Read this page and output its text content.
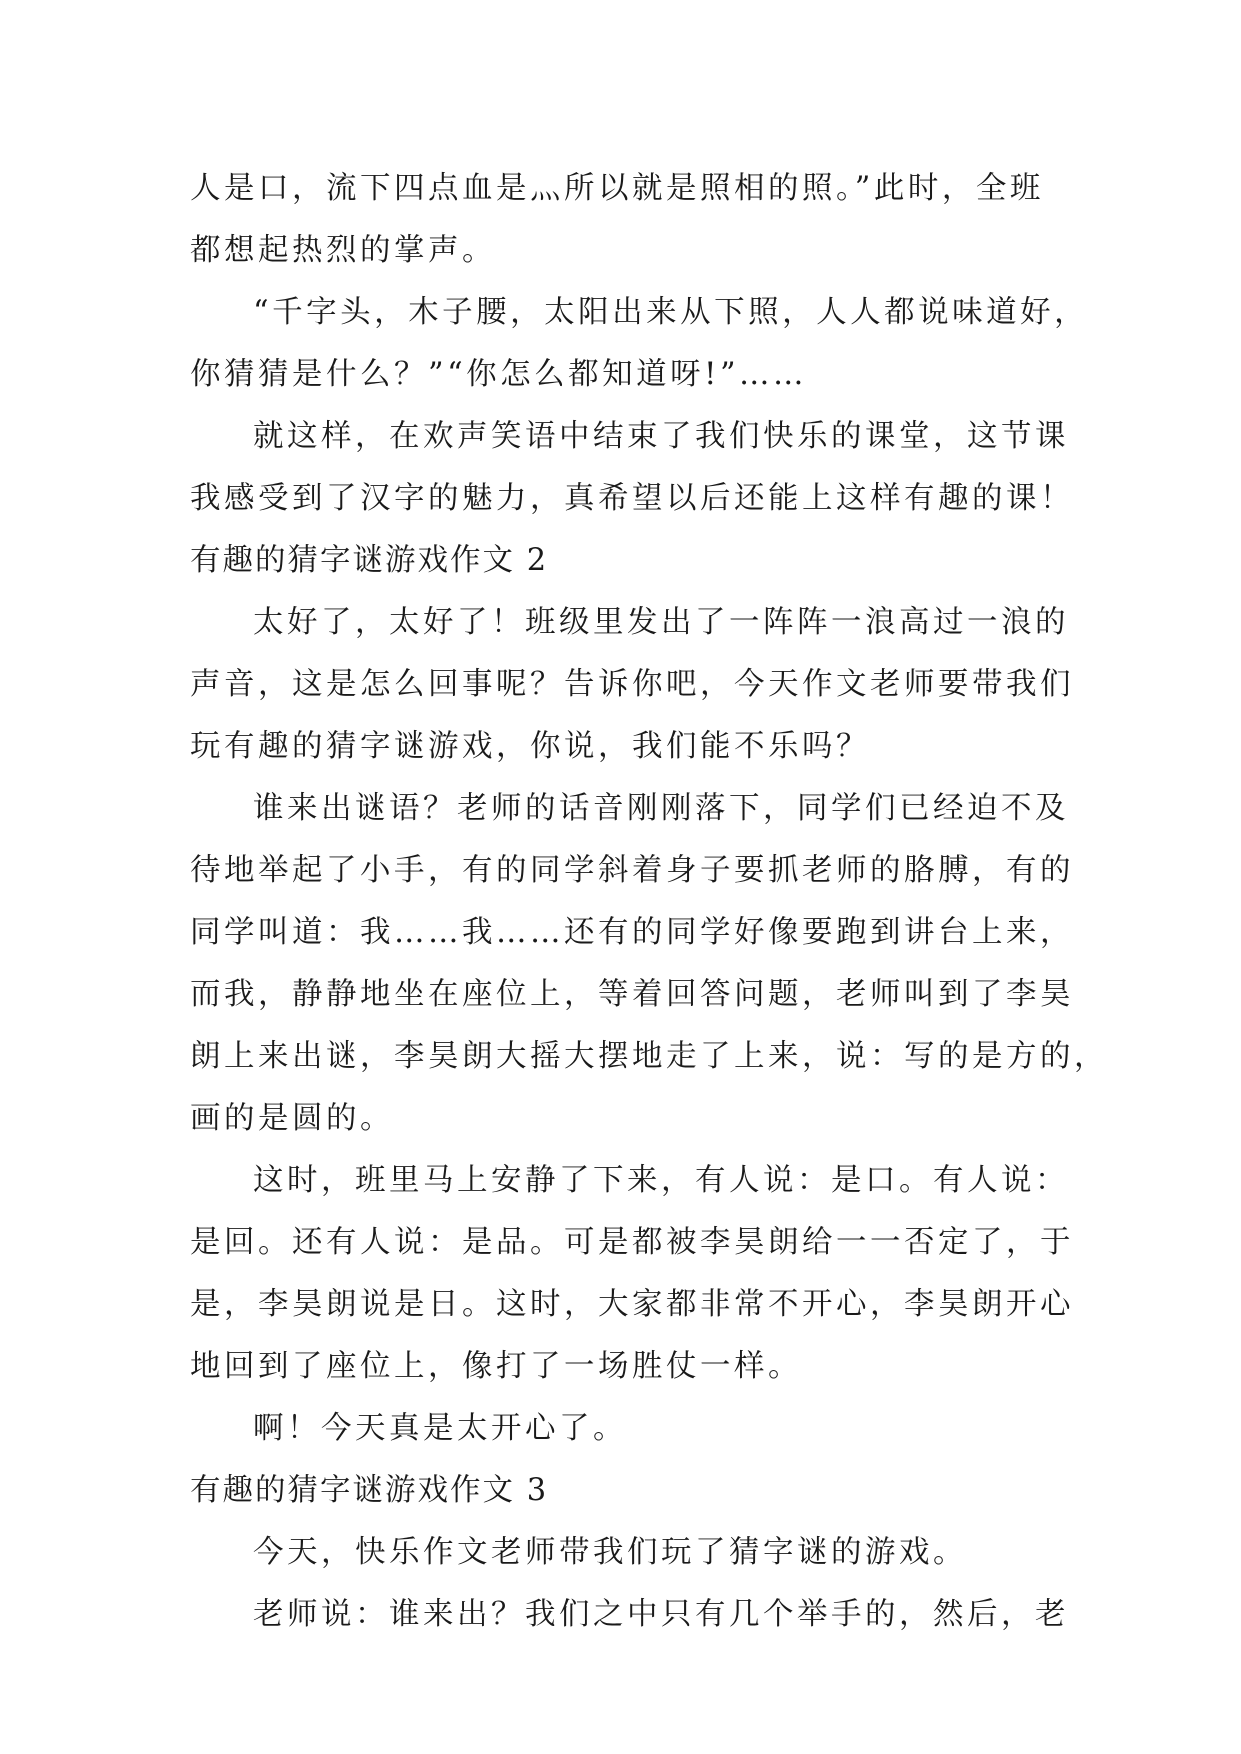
人是口，流下四点血是灬所以就是照相的照。”此时，全班
都想起热烈的掌声。
“千字头，木子腰，太阳出来从下照，人人都说味道好，
你猜猜是什么？”“你怎么都知道呀!”……
就这样，在欢声笑语中结束了我们快乐的课堂，这节课
我感受到了汉字的魅力，真希望以后还能上这样有趣的课！
有趣的猜字谜游戏作文 2
太好了，太好了！班级里发出了一阵阵一浪高过一浪的
声音，这是怎么回事呢？告诉你吧，今天作文老师要带我们
玩有趣的猜字谜游戏，你说，我们能不乐吗？
谁来出谜语？老师的话音刚刚落下，同学们已经迫不及
待地举起了小手，有的同学斜着身子要抓老师的胳膊，有的
同学叫道：我……我……还有的同学好像要跑到讲台上来，
而我，静静地坐在座位上，等着回答问题，老师叫到了李昊
朗上来出谜，李昊朗大摇大摆地走了上来，说：写的是方的，
画的是圆的。
这时，班里马上安静了下来，有人说：是口。有人说：
是回。还有人说：是品。可是都被李昊朗给一一否定了，于
是，李昊朗说是日。这时，大家都非常不开心，李昊朗开心
地回到了座位上，像打了一场胜仗一样。
啊！今天真是太开心了。
有趣的猜字谜游戏作文 3
今天，快乐作文老师带我们玩了猜字谜的游戏。
老师说：谁来出？我们之中只有几个举手的，然后，老
